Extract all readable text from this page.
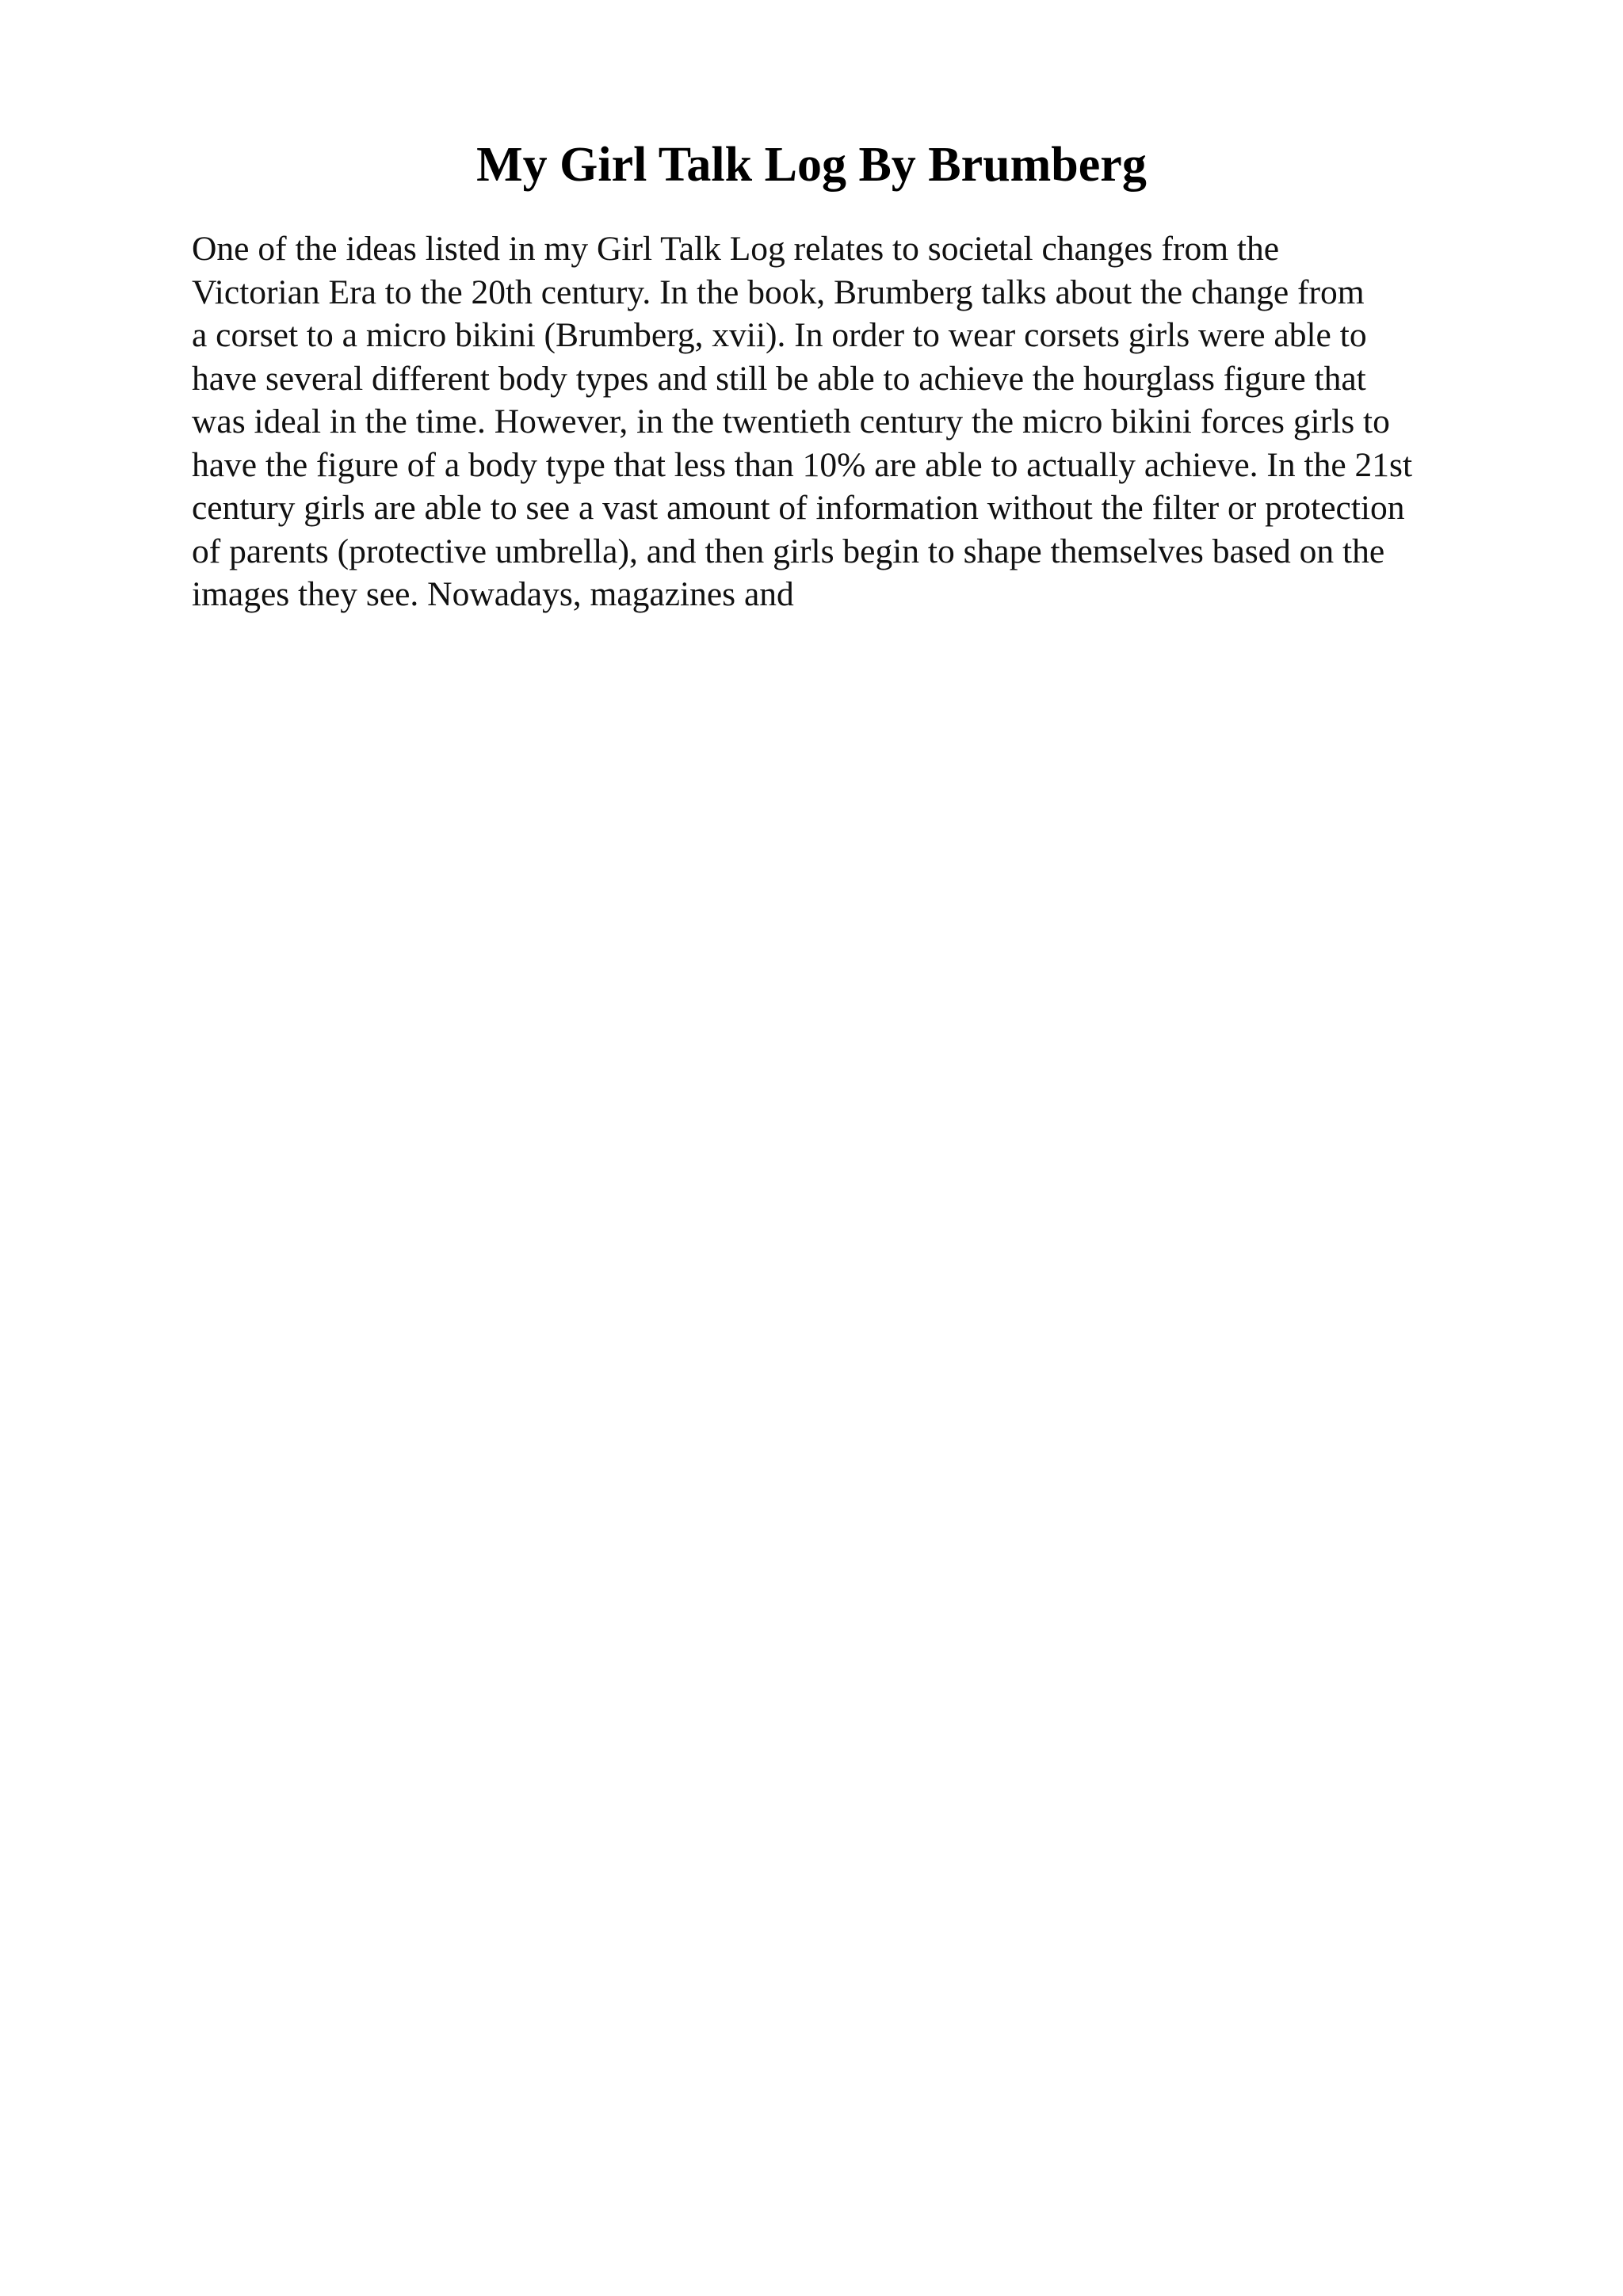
My Girl Talk Log By Brumberg
One of the ideas listed in my Girl Talk Log relates to societal changes from the
Victorian Era to the 20th century. In the book, Brumberg talks about the change from
a corset to a micro bikini (Brumberg, xvii). In order to wear corsets girls were able to
have several different body types and still be able to achieve the hourglass figure that
was ideal in the time. However, in the twentieth century the micro bikini forces girls to
have the figure of a body type that less than 10% are able to actually achieve. In the 21st
century girls are able to see a vast amount of information without the filter or protection
of parents (protective umbrella), and then girls begin to shape themselves based on the
images they see. Nowadays, magazines and
